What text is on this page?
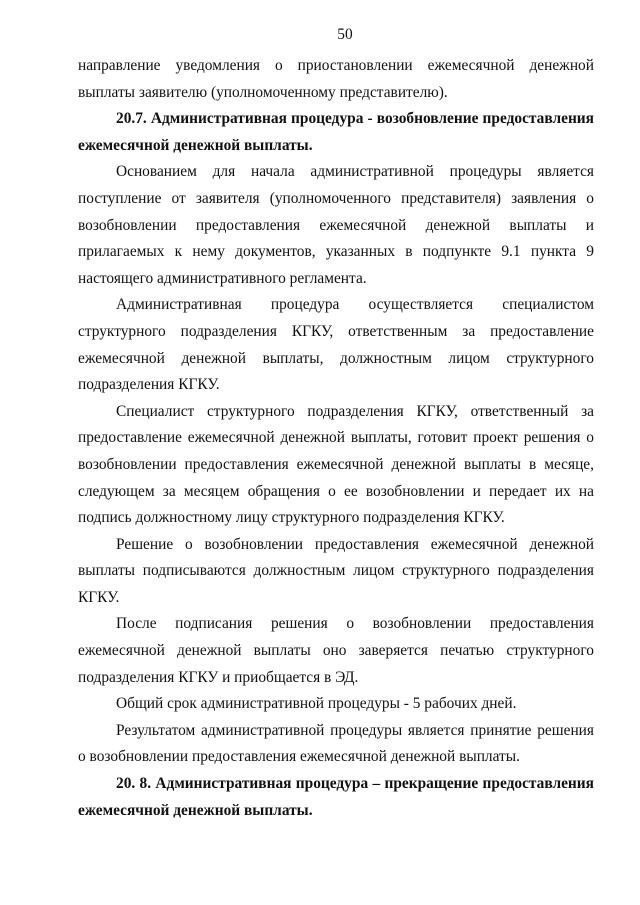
50

направление уведомления о приостановлении ежемесячной денежной выплаты заявителю (уполномоченному представителю).

20.7. Административная процедура - возобновление предоставления ежемесячной денежной выплаты.

Основанием для начала административной процедуры является поступление от заявителя (уполномоченного представителя) заявления о возобновлении предоставления ежемесячной денежной выплаты и прилагаемых к нему документов, указанных в подпункте 9.1 пункта 9 настоящего административного регламента.

Административная процедура осуществляется специалистом структурного подразделения КГКУ, ответственным за предоставление ежемесячной денежной выплаты, должностным лицом структурного подразделения КГКУ.

Специалист структурного подразделения КГКУ, ответственный за предоставление ежемесячной денежной выплаты, готовит проект решения о возобновлении предоставления ежемесячной денежной выплаты в месяце, следующем за месяцем обращения о ее возобновлении и передает их на подпись должностному лицу структурного подразделения КГКУ.

Решение о возобновлении предоставления ежемесячной денежной выплаты подписываются должностным лицом структурного подразделения КГКУ.

После подписания решения о возобновлении предоставления ежемесячной денежной выплаты оно заверяется печатью структурного подразделения КГКУ и приобщается в ЭД.

Общий срок административной процедуры - 5 рабочих дней.

Результатом административной процедуры является принятие решения о возобновлении предоставления ежемесячной денежной выплаты.

20. 8. Административная процедура – прекращение предоставления ежемесячной денежной выплаты.
